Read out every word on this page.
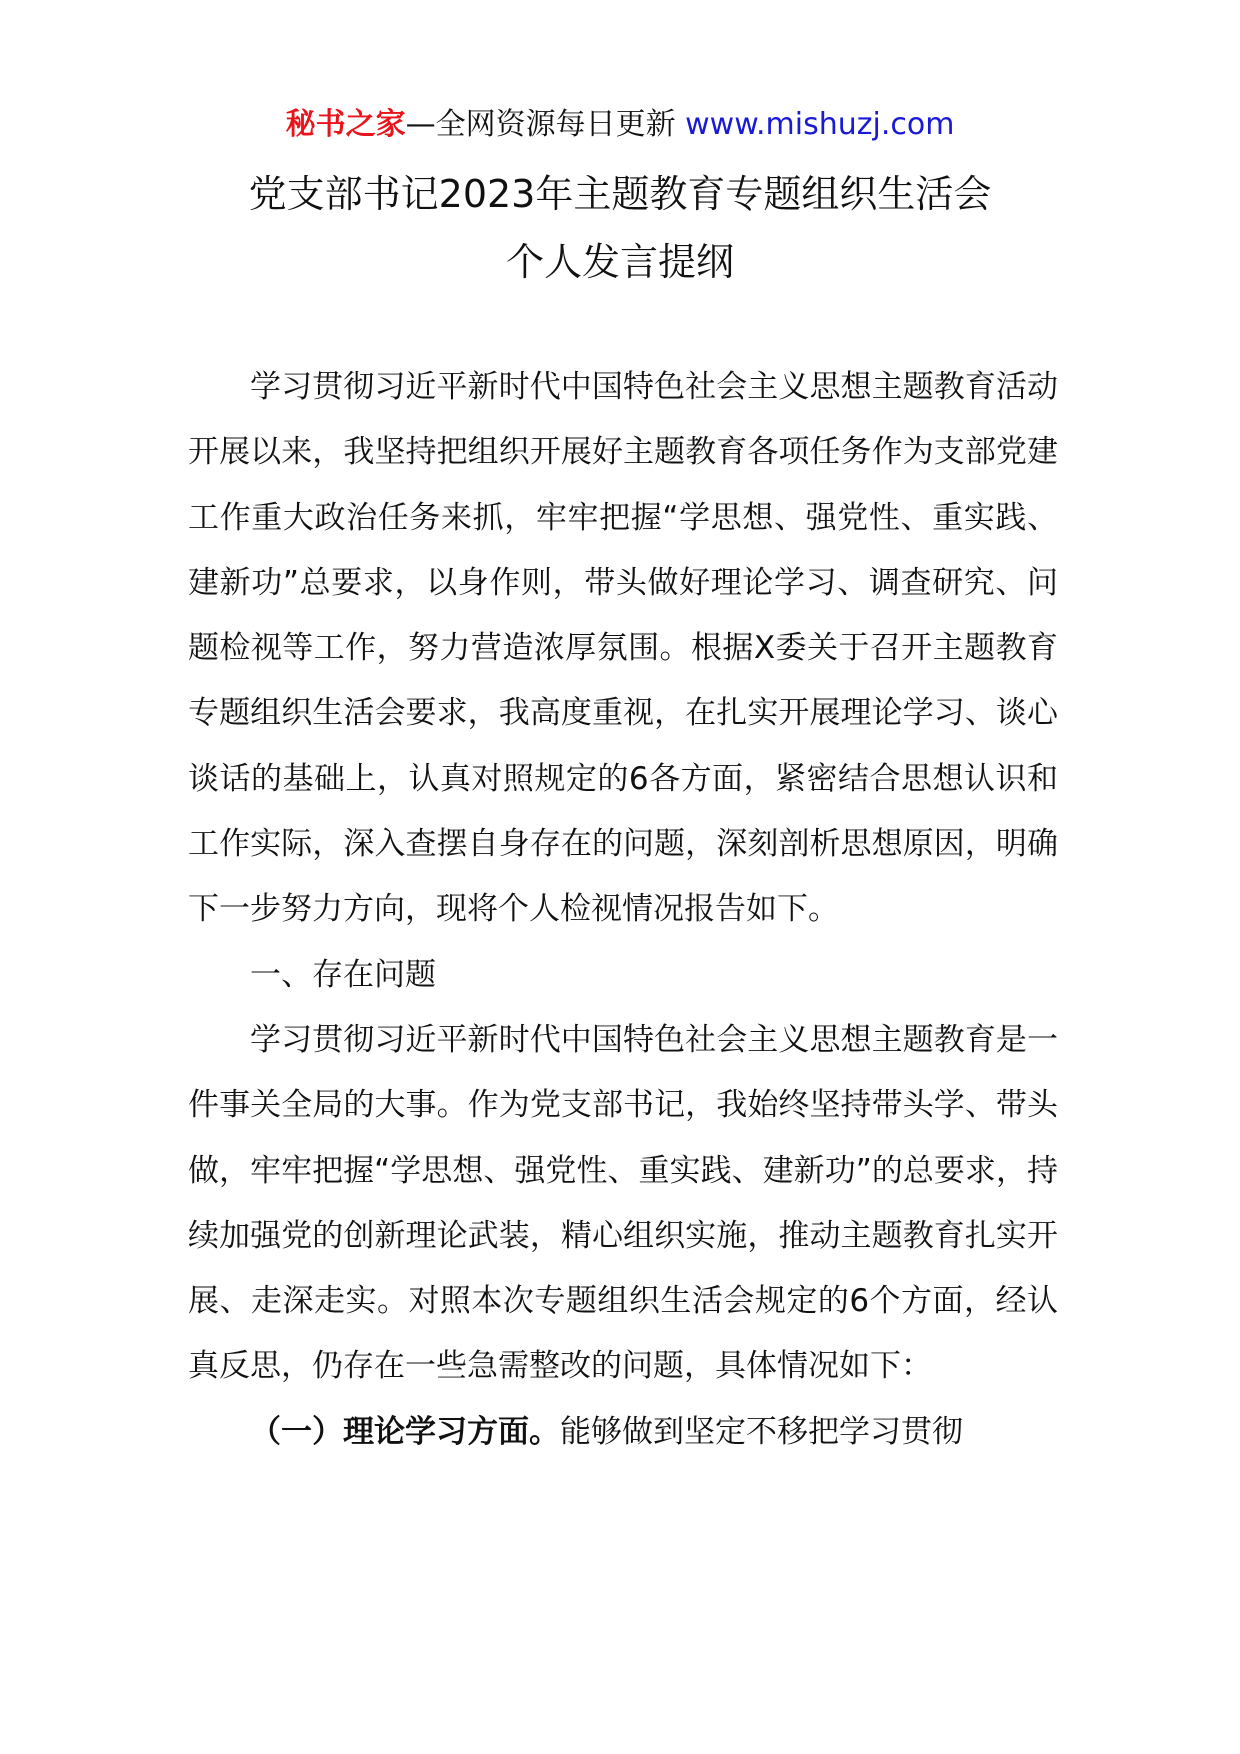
秘书之家—全网资源每日更新 www.mishuzj.com
党支部书记2023年主题教育专题组织生活会
个人发言提纲

学习贯彻习近平新时代中国特色社会主义思想主题教育活动开展以来，我坚持把组织开展好主题教育各项任务作为支部党建工作重大政治任务来抓，牢牢把握“学思想、强党性、重实践、建新功”总要求，以身作则，带头做好理论学习、调查研究、问题检视等工作，努力营造浓厚氛围。根据X委关于召开主题教育专题组织生活会要求，我高度重视，在扎实开展理论学习、谈心谈话的基础上，认真对照规定的6各方面，紧密结合思想认识和工作实际，深入查摆自身存在的问题，深刻剖析思想原因，明确下一步努力方向，现将个人检视情况报告如下。

一、存在问题

学习贯彻习近平新时代中国特色社会主义思想主题教育是一件事关全局的大事。作为党支部书记，我始终坚持带头学、带头做，牢牢把握“学思想、强党性、重实践、建新功”的总要求，持续加强党的创新理论武装，精心组织实施，推动主题教育扎实开展、走深走实。对照本次专题组织生活会规定的6个方面，经认真反思，仍存在一些急需整改的问题，具体情况如下：

（一）理论学习方面。能够做到坚定不移把学习贯彻
